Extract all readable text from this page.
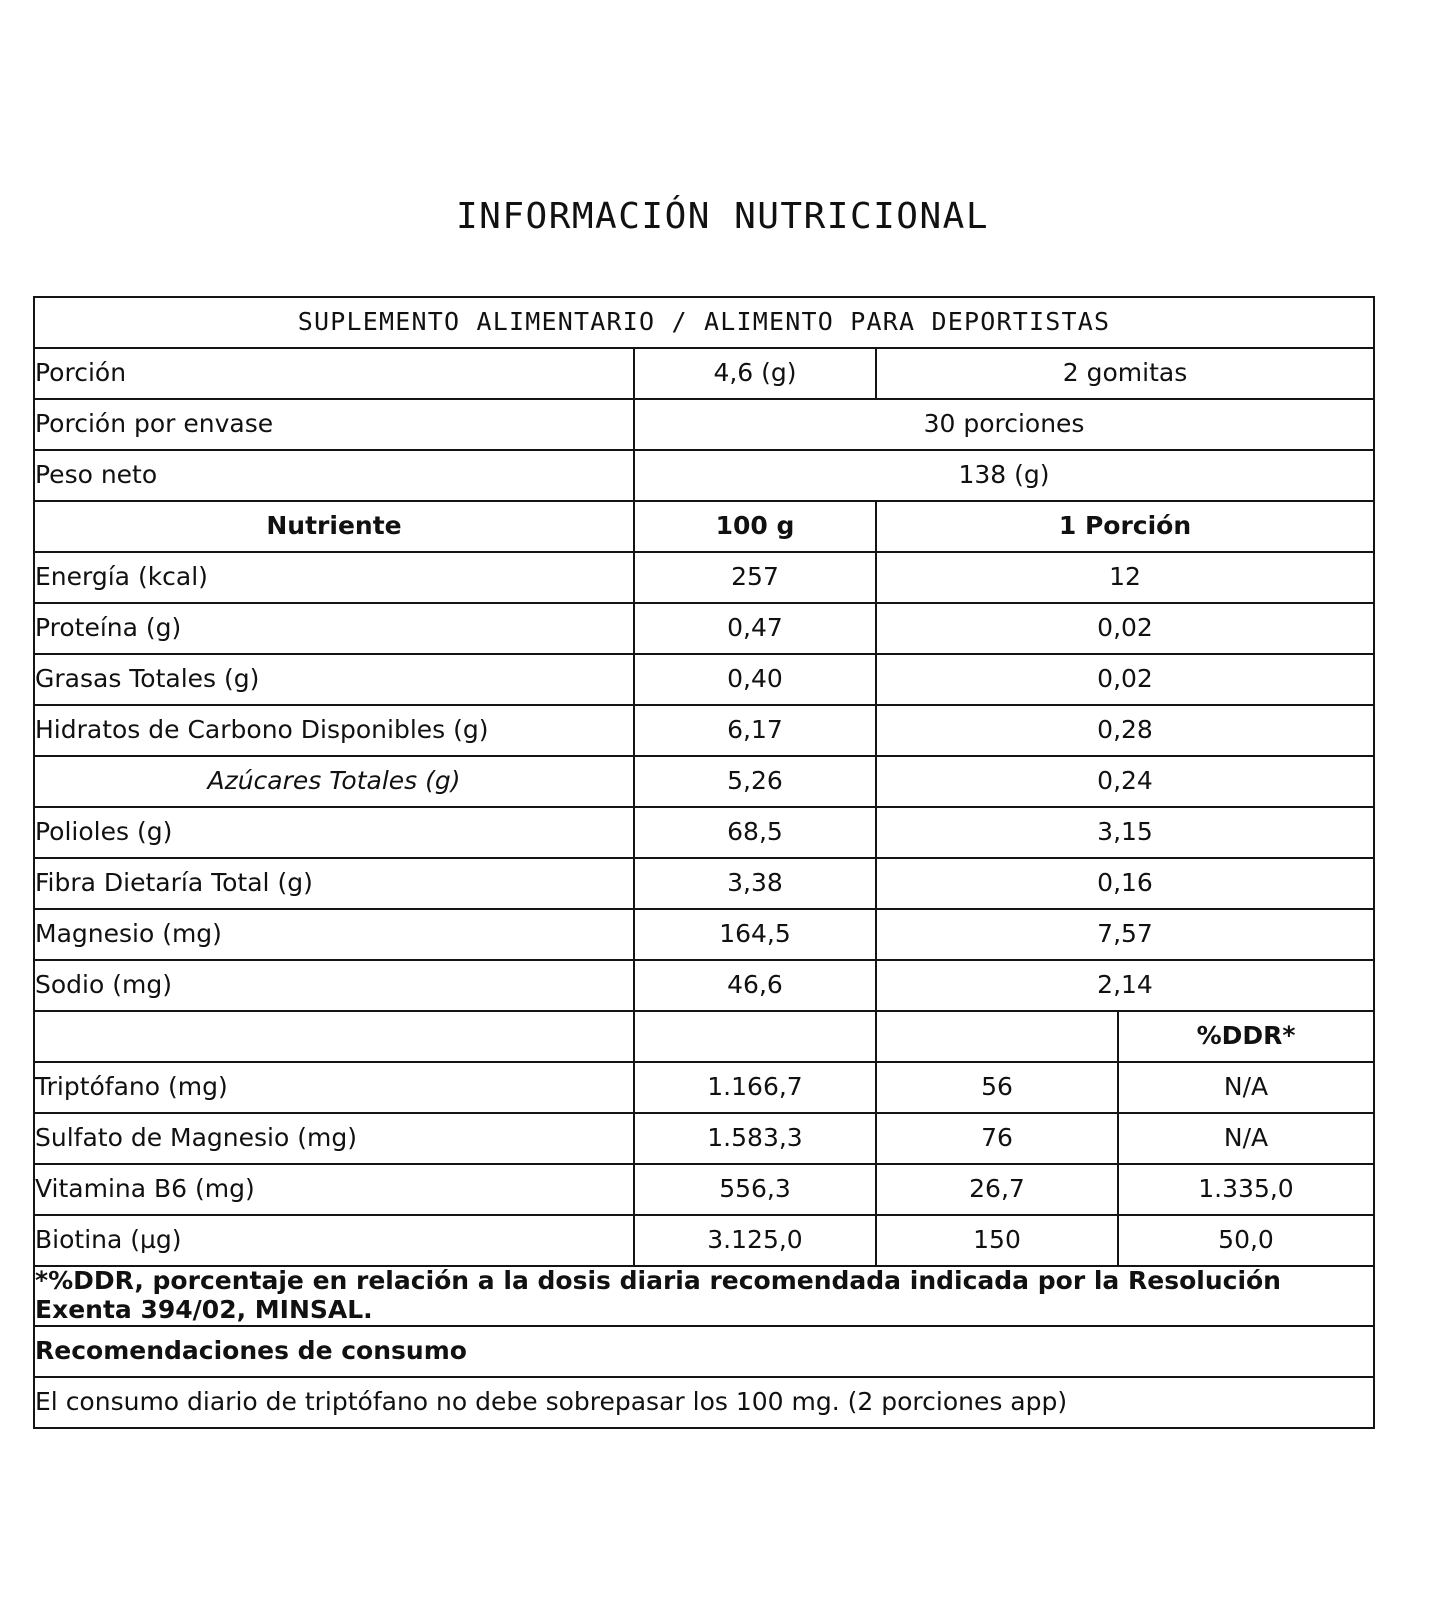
INFORMACIÓN NUTRICIONAL
SUPLEMENTO ALIMENTARIO / ALIMENTO PARA DEPORTISTAS			
Porción	4,6 (g)	2 gomitas	
Porción por envase	30 porciones		
Peso neto	138 (g)		
Nutriente	100 g	1 Porción	
Energía (kcal)	257	12	
Proteína (g)	0,47	0,02	
Grasas Totales (g)	0,40	0,02	
Hidratos de Carbono Disponibles (g)	6,17	0,28	
Azúcares Totales (g)	5,26	0,24	
Polioles (g)	68,5	3,15	
Fibra Dietaría Total (g)	3,38	0,16	
Magnesio (mg)	164,5	7,57	
Sodio (mg)	46,6	2,14	
			%DDR*
Triptófano (mg)	1.166,7	56	N/A
Sulfato de Magnesio (mg)	1.583,3	76	N/A
Vitamina B6 (mg)	556,3	26,7	1.335,0
Biotina (µg)	3.125,0	150	50,0
*%DDR, porcentaje en relación a la dosis diaria recomendada indicada por la Resolución Exenta 394/02, MINSAL.			
Recomendaciones de consumo			
El consumo diario de triptófano no debe sobrepasar los 100 mg. (2 porciones app)			
